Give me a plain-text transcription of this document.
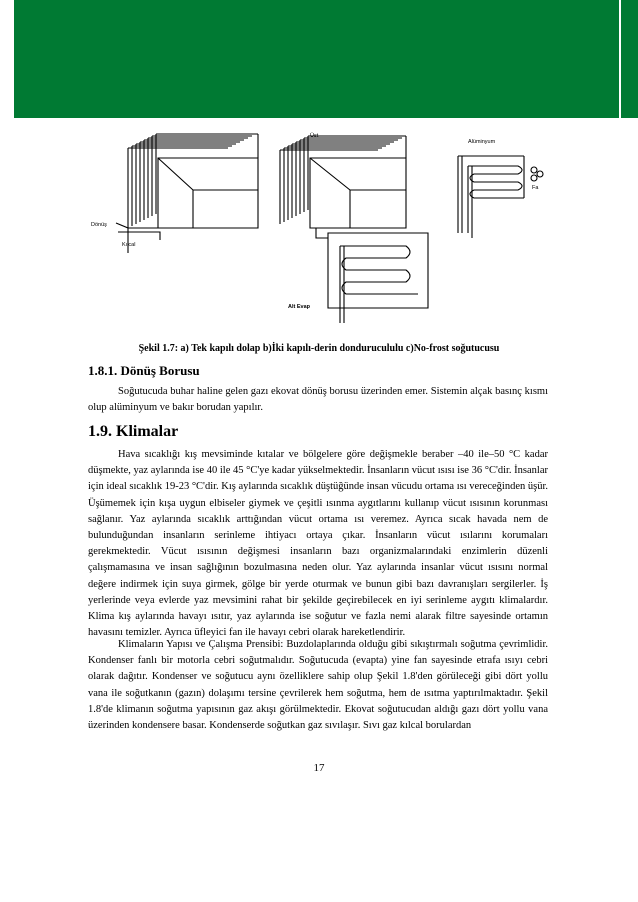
Üst
Alüminyum
Fa
Dönüş
Kılcal
Alt Evap
Şekil 1.7: a) Tek kapılı dolap b)İki kapılı-derin dondurucululu c)No-frost soğutucusu
1.8.1. Dönüş Borusu
Soğutucuda buhar haline gelen gazı ekovat dönüş borusu üzerinden emer. Sistemin alçak basınç kısmı olup alüminyum ve bakır borudan yapılır.
1.9. Klimalar
Hava sıcaklığı kış mevsiminde kıtalar ve bölgelere göre değişmekle beraber –40 ile–50 °C kadar düşmekte, yaz aylarında ise 40 ile 45 °C'ye kadar yükselmektedir. İnsanların vücut ısısı ise 36 °C'dir. İnsanlar için ideal sıcaklık 19-23 °C'dir. Kış aylarında sıcaklık düştüğünde insan vücudu ortama ısı vereceğinden üşür. Üşümemek için kışa uygun elbiseler giymek ve çeşitli ısınma aygıtlarını kullanıp vücut ısısının korunması sağlanır. Yaz aylarında sıcaklık arttığından vücut ortama ısı veremez. Ayrıca sıcak havada nem de bulunduğundan insanların serinleme ihtiyacı ortaya çıkar. İnsanların vücut ısılarını korumaları gerekmektedir. Vücut ısısının değişmesi insanların bazı organizmalarındaki enzimlerin düzenli çalışmamasına ve insan sağlığının bozulmasına neden olur. Yaz aylarında insanlar vücut ısısını normal değere indirmek için suya girmek, gölge bir yerde oturmak ve bunun gibi bazı davranışları sergilerler. İş yerlerinde veya evlerde yaz mevsimini rahat bir şekilde geçirebilecek en iyi serinleme aygıtı klimalardır. Klima kış aylarında havayı ısıtır, yaz aylarında ise soğutur ve fazla nemi alarak filtre sayesinde ortamın havasını temizler. Ayrıca üfleyici fan ile havayı cebri olarak hareketlendirir.
Klimaların Yapısı ve Çalışma Prensibi: Buzdolaplarında olduğu gibi sıkıştırmalı soğutma çevrimlidir. Kondenser fanlı bir motorla cebri soğutmalıdır. Soğutucuda (evapta) yine fan sayesinde etrafa ısıyı cebri olarak dağıtır. Kondenser ve soğutucu aynı özelliklere sahip olup Şekil 1.8'den görüleceği gibi dört yollu vana ile soğutkanın (gazın) dolaşımı tersine çevrilerek hem soğutma, hem de ısıtma yaptırılmaktadır. Şekil 1.8'de klimanın soğutma yapısının gaz akışı görülmektedir. Ekovat soğutucudan aldığı gazı dört yollu vana üzerinden kondensere basar. Kondenserde soğutkan gaz sıvılaşır. Sıvı gaz kılcal borulardan
17
